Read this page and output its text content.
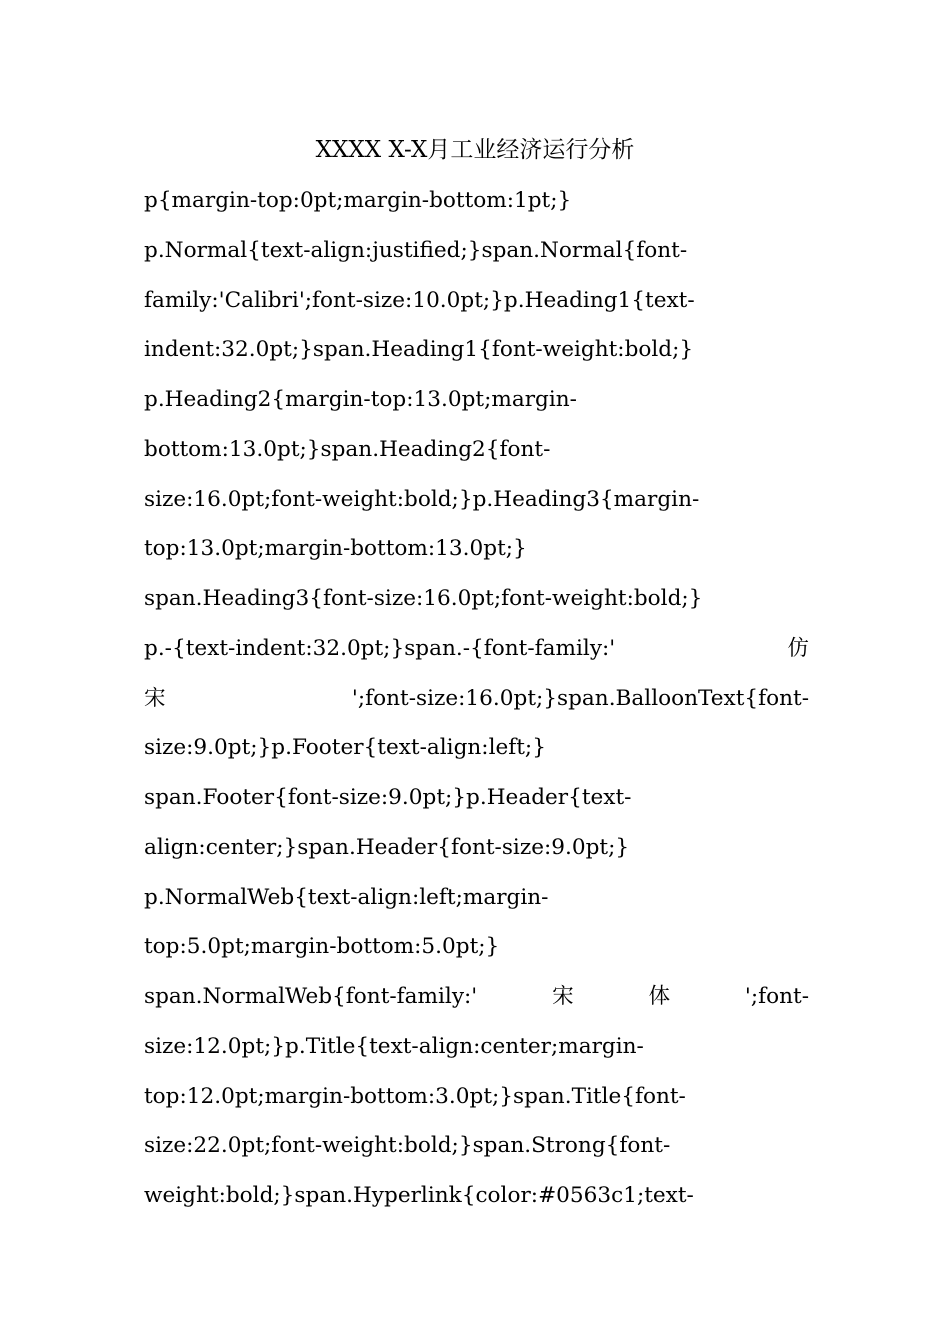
XXXX X-X月工业经济运行分析
p{margin-top:0pt;margin-bottom:1pt;}
p.Normal{text-align:justified;}span.Normal{font-
family:'Calibri';font-size:10.0pt;}p.Heading1{text-
indent:32.0pt;}span.Heading1{font-weight:bold;}
p.Heading2{margin-top:13.0pt;margin-
bottom:13.0pt;}span.Heading2{font-
size:16.0pt;font-weight:bold;}p.Heading3{margin-
top:13.0pt;margin-bottom:13.0pt;}
span.Heading3{font-size:16.0pt;font-weight:bold;}
p.-{text-indent:32.0pt;}span.-{font-family:'	仿
宋	';font-size:16.0pt;}span.BalloonText{font-
size:9.0pt;}p.Footer{text-align:left;}
span.Footer{font-size:9.0pt;}p.Header{text-
align:center;}span.Header{font-size:9.0pt;}
p.NormalWeb{text-align:left;margin-
top:5.0pt;margin-bottom:5.0pt;}
span.NormalWeb{font-family:'	宋	体	';font-
size:12.0pt;}p.Title{text-align:center;margin-
top:12.0pt;margin-bottom:3.0pt;}span.Title{font-
size:22.0pt;font-weight:bold;}span.Strong{font-
weight:bold;}span.Hyperlink{color:#0563c1;text-
